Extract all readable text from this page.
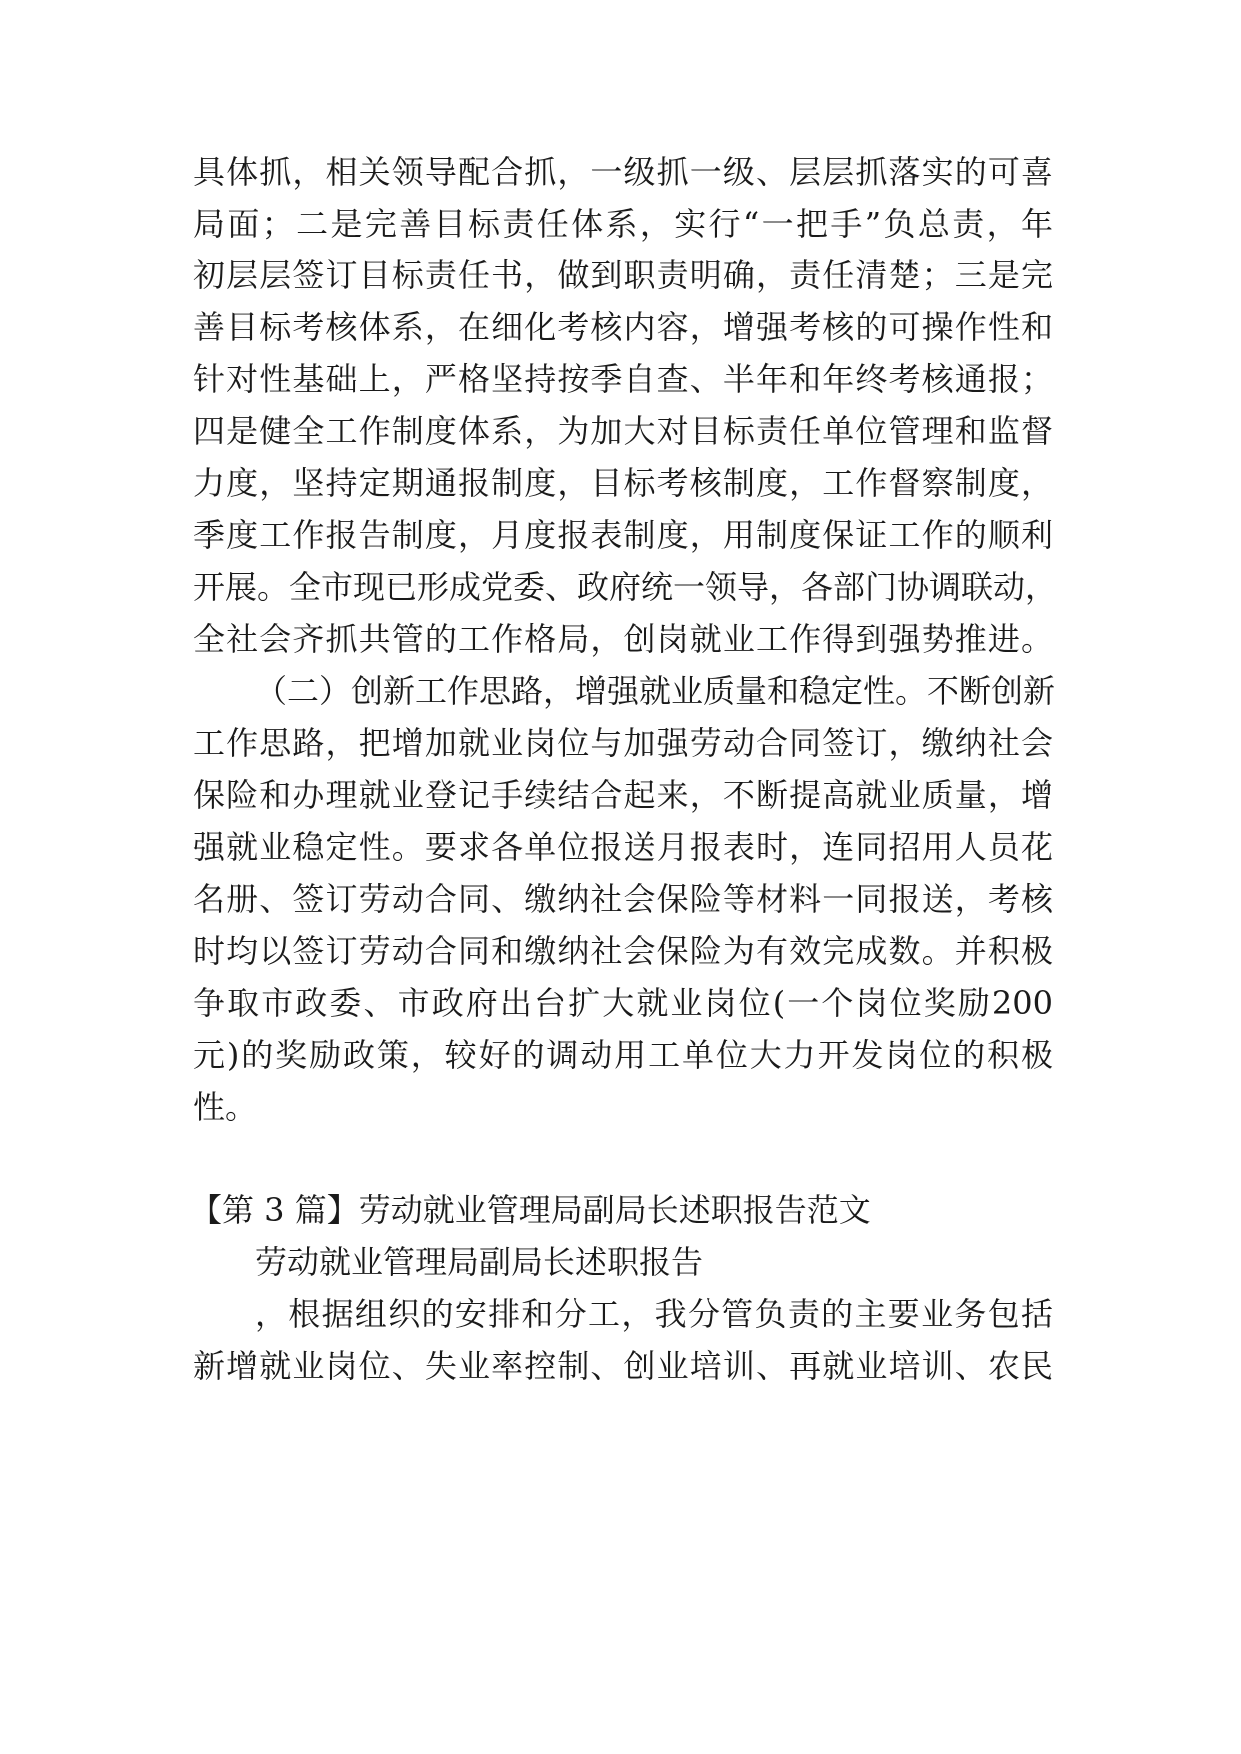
具体抓，相关领导配合抓，一级抓一级、层层抓落实的可喜
局面；二是完善目标责任体系，实行“一把手”负总责，年
初层层签订目标责任书，做到职责明确，责任清楚；三是完
善目标考核体系，在细化考核内容，增强考核的可操作性和
针对性基础上，严格坚持按季自查、半年和年终考核通报；
四是健全工作制度体系，为加大对目标责任单位管理和监督
力度，坚持定期通报制度，目标考核制度，工作督察制度，
季度工作报告制度，月度报表制度，用制度保证工作的顺利
开展。全市现已形成党委、政府统一领导，各部门协调联动，
全社会齐抓共管的工作格局，创岗就业工作得到强势推进。
（二）创新工作思路，增强就业质量和稳定性。不断创新
工作思路，把增加就业岗位与加强劳动合同签订，缴纳社会
保险和办理就业登记手续结合起来，不断提高就业质量，增
强就业稳定性。要求各单位报送月报表时，连同招用人员花
名册、签订劳动合同、缴纳社会保险等材料一同报送，考核
时均以签订劳动合同和缴纳社会保险为有效完成数。并积极
争取市政委、市政府出台扩大就业岗位(一个岗位奖励200
元)的奖励政策，较好的调动用工单位大力开发岗位的积极
性。
【第 3 篇】劳动就业管理局副局长述职报告范文
劳动就业管理局副局长述职报告
，根据组织的安排和分工，我分管负责的主要业务包括
新增就业岗位、失业率控制、创业培训、再就业培训、农民
